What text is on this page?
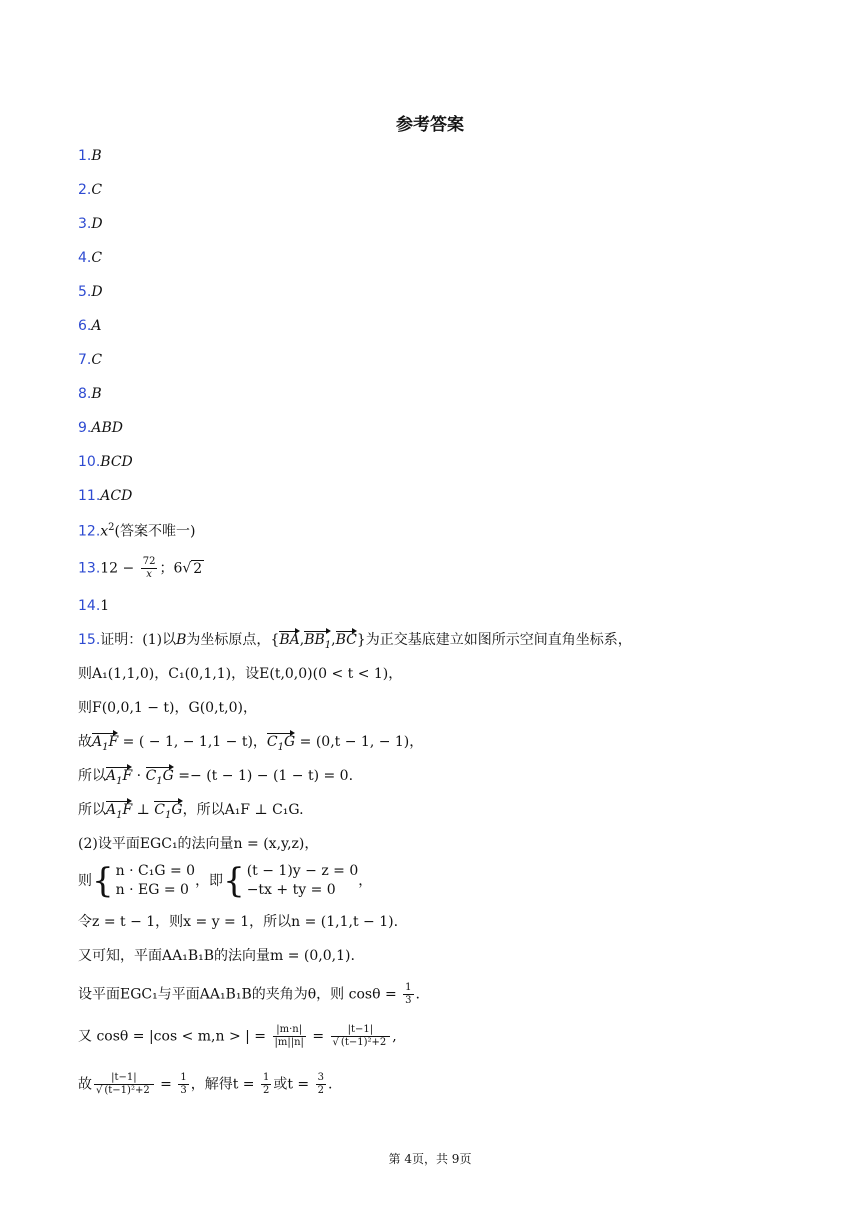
参考答案
1.B
2.C
3.D
4.C
5.D
6.A
7.C
8.B
9.ABD
10.BCD
11.ACD
$12.x^2$(答案不唯一)
$13.12 - \frac{72}{x}$ ；6√ 2
14.1
15.证明：(1)以B为坐标原点，$\{BA,BB_1,BC\}$为正交基底建立如图所示空间直角坐标系，
则A₁(1,1,0)，C₁(0,1,1)，设E(t,0,0)(0 < t < 1)，
则F(0,0,1 − t)，G(0,t,0)，
故$A_1F$ = ( − 1, − 1,1 − t)，$C_1G = (0,t - 1$, − 1)，
所以$A_1F \cdot C_1G =- (t - 1) - (1 - t) = 0$.
所以$A_1F$ ⊥ $C_1G$，所以A₁F ⊥ C₁G.
(2)设平面EGC₁的法向量n = (x,y,z)，
则 { n · C₁G = 0
n · EG = 0
，即 { (t − 1)y − z = 0
−tx + ty = 0
，
令z = t − 1，则x = y = 1，所以n = (1,1,t − 1).
又可知，平面AA₁B₁B的法向量m = (0,0,1).
设平面EGC₁与平面AA₁B₁B的夹角为θ，则 $\cos\theta = \frac{1}{3}$ .
又 cosθ = |cos < m,n > | = $\frac{|m\cdot n|}{|m||n|} = \frac{|t-1|}{\text{√ (t−1)²+2}}$ ,
故 $\frac{|t-1|}{\text{√ (t−1)²+2}} = \frac{1}{3}$ ，解得$t = \frac{1}{2}$ 或$t = \frac{3}{2}$ .
第 4页，共 9页
